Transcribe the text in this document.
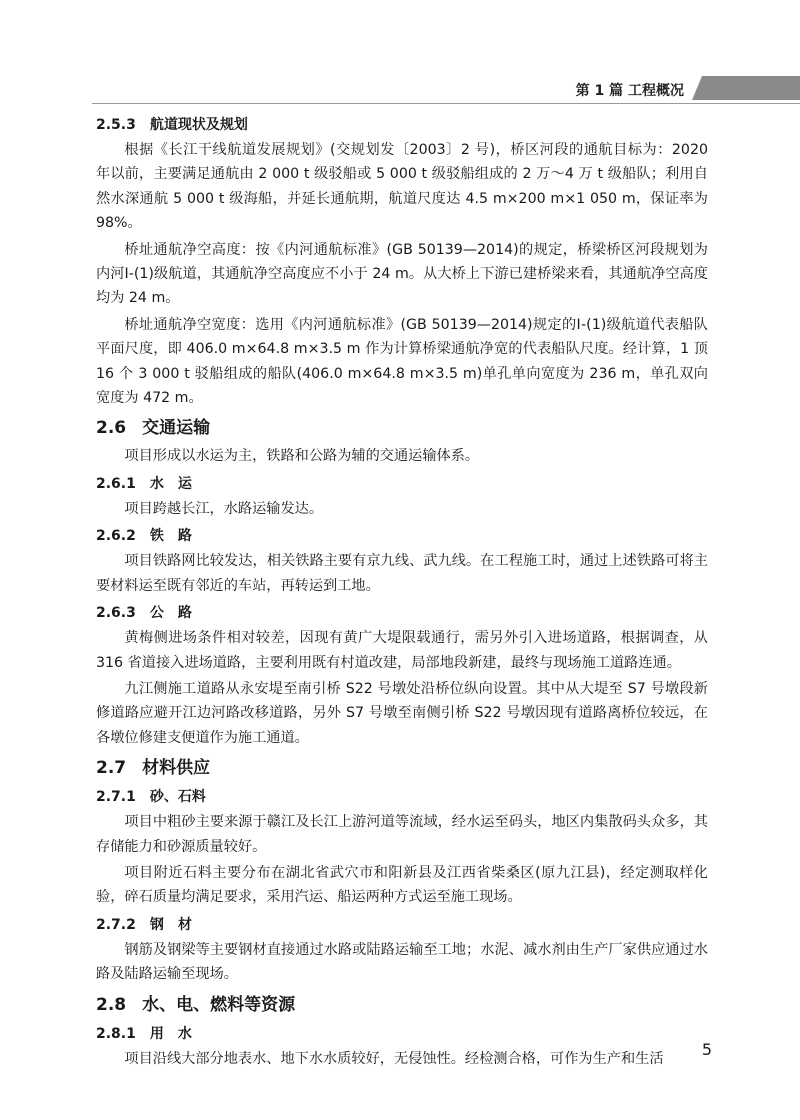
第 1 篇 工程概况
2.5.3 航道现状及规划
根据《长江干线航道发展规划》(交规划发〔2003〕2 号)，桥区河段的通航目标为：2020 年以前，主要满足通航由 2 000 t 级驳船或 5 000 t 级驳船组成的 2 万～4 万 t 级船队；利用自然水深通航 5 000 t 级海船，并延长通航期，航道尺度达 4.5 m×200 m×1 050 m，保证率为 98%。
桥址通航净空高度：按《内河通航标准》(GB 50139—2014)的规定，桥梁桥区河段规划为内河Ⅰ-(1)级航道，其通航净空高度应不小于 24 m。从大桥上下游已建桥梁来看，其通航净空高度均为 24 m。
桥址通航净空宽度：选用《内河通航标准》(GB 50139—2014)规定的Ⅰ-(1)级航道代表船队平面尺度，即 406.0 m×64.8 m×3.5 m 作为计算桥梁通航净宽的代表船队尺度。经计算，1 顶 16 个 3 000 t 驳船组成的船队(406.0 m×64.8 m×3.5 m)单孔单向宽度为 236 m，单孔双向宽度为 472 m。
2.6 交通运输
项目形成以水运为主，铁路和公路为辅的交通运输体系。
2.6.1 水　运
项目跨越长江，水路运输发达。
2.6.2 铁　路
项目铁路网比较发达，相关铁路主要有京九线、武九线。在工程施工时，通过上述铁路可将主要材料运至既有邻近的车站，再转运到工地。
2.6.3 公　路
黄梅侧进场条件相对较差，因现有黄广大堤限载通行，需另外引入进场道路，根据调查，从 316 省道接入进场道路，主要利用既有村道改建，局部地段新建，最终与现场施工道路连通。
九江侧施工道路从永安堤至南引桥 S22 号墩处沿桥位纵向设置。其中从大堤至 S7 号墩段新修道路应避开江边河路改移道路，另外 S7 号墩至南侧引桥 S22 号墩因现有道路离桥位较远，在各墩位修建支便道作为施工通道。
2.7 材料供应
2.7.1 砂、石料
项目中粗砂主要来源于赣江及长江上游河道等流域，经水运至码头，地区内集散码头众多，其存储能力和砂源质量较好。
项目附近石料主要分布在湖北省武穴市和阳新县及江西省柴桑区(原九江县)，经定测取样化验，碎石质量均满足要求，采用汽运、船运两种方式运至施工现场。
2.7.2 钢　材
钢筋及钢梁等主要钢材直接通过水路或陆路运输至工地；水泥、减水剂由生产厂家供应通过水路及陆路运输至现场。
2.8 水、电、燃料等资源
2.8.1 用　水
项目沿线大部分地表水、地下水水质较好，无侵蚀性。经检测合格，可作为生产和生活	5
